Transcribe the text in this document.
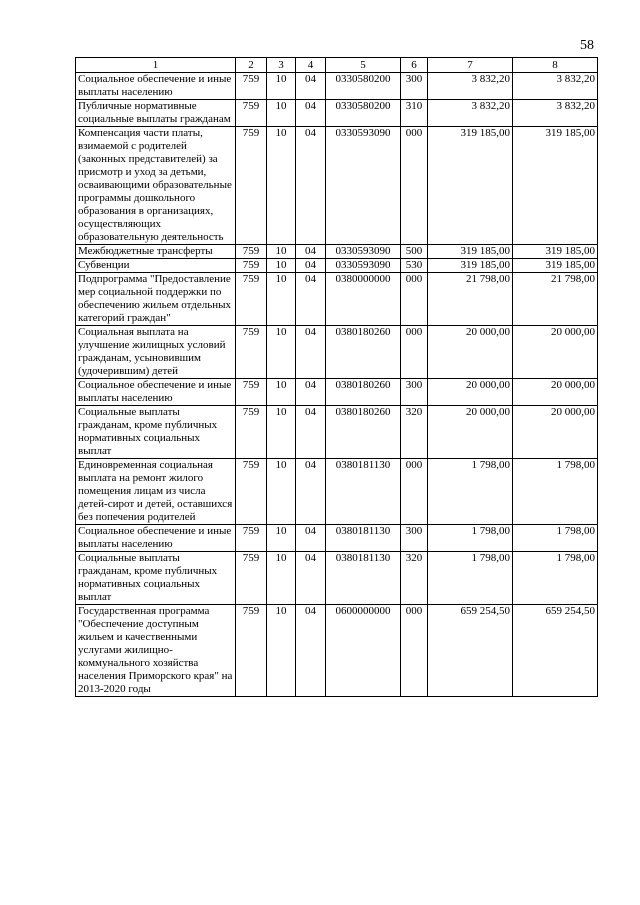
58
1	2	3	4	5	6	7	8
Социальное обеспечение и иные выплаты населению	759	10	04	0330580200	300	3 832,20	3 832,20
Публичные нормативные социальные выплаты гражданам	759	10	04	0330580200	310	3 832,20	3 832,20
Компенсация части платы, взимаемой с родителей (законных представителей) за присмотр и уход за детьми, осваивающими образовательные программы дошкольного образования в организациях, осуществляющих образовательную деятельность	759	10	04	0330593090	000	319 185,00	319 185,00
Межбюджетные трансферты	759	10	04	0330593090	500	319 185,00	319 185,00
Субвенции	759	10	04	0330593090	530	319 185,00	319 185,00
Подпрограмма "Предоставление мер социальной поддержки по обеспечению жильем отдельных категорий граждан"	759	10	04	0380000000	000	21 798,00	21 798,00
Социальная выплата на улучшение жилищных условий гражданам, усыновившим (удочерившим) детей	759	10	04	0380180260	000	20 000,00	20 000,00
Социальное обеспечение и иные выплаты населению	759	10	04	0380180260	300	20 000,00	20 000,00
Социальные выплаты гражданам, кроме публичных нормативных социальных выплат	759	10	04	0380180260	320	20 000,00	20 000,00
Единовременная социальная выплата на ремонт жилого помещения лицам из числа детей-сирот и детей, оставшихся без попечения родителей	759	10	04	0380181130	000	1 798,00	1 798,00
Социальное обеспечение и иные выплаты населению	759	10	04	0380181130	300	1 798,00	1 798,00
Социальные выплаты гражданам, кроме публичных нормативных социальных выплат	759	10	04	0380181130	320	1 798,00	1 798,00
Государственная программа "Обеспечение доступным жильем и качественными услугами жилищно-коммунального хозяйства населения Приморского края" на 2013-2020 годы	759	10	04	0600000000	000	659 254,50	659 254,50
